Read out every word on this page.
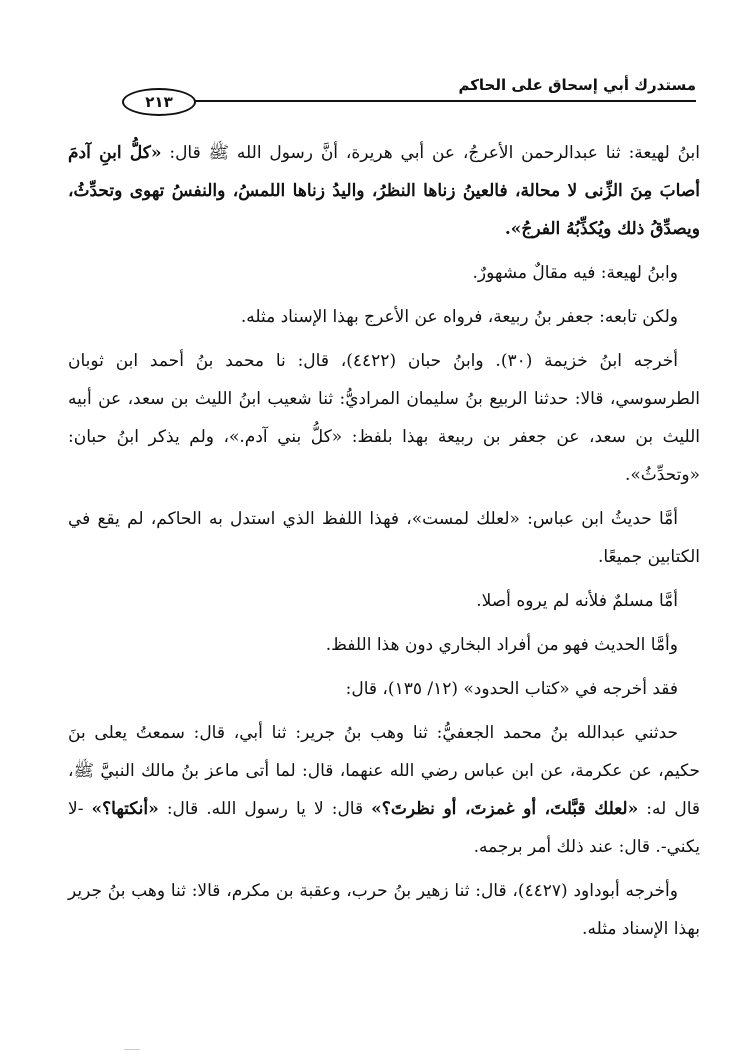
مستدرك أبي إسحاق على الحاكم
٢١٣

ابنُ لهيعة: ثنا عبدالرحمن الأعرجُ، عن أبي هريرة، أنَّ رسول الله ﷺ قال: «كلُّ ابنِ آدمَ أصابَ مِنَ الزِّنى لا محالة، فالعينُ زناها النظرُ، واليدُ زناها اللمسُ، والنفسُ تهوى وتحدِّثُ، ويصدِّقُ ذلك ويُكذِّبُهُ الفرجُ».

وابنُ لهيعة: فيه مقالٌ مشهورٌ.

ولكن تابعه: جعفر بنُ ربيعة، فرواه عن الأعرج بهذا الإسناد مثله.

أخرجه ابنُ خزيمة (٣٠). وابنُ حبان (٤٤٢٢)، قال: نا محمد بنُ أحمد ابن ثوبان الطرسوسي، قالا: حدثنا الربيع بنُ سليمان المراديُّ: ثنا شعيب ابنُ الليث بن سعد، عن أبيه الليث بن سعد، عن جعفر بن ربيعة بهذا بلفظ: «كلُّ بني آدم.»، ولم يذكر ابنُ حبان: «وتحدِّثُ».

أمَّا حديثُ ابن عباس: «لعلك لمست»، فهذا اللفظ الذي استدل به الحاكم، لم يقع في الكتابين جميعًا.

أمَّا مسلمٌ فلأنه لم يروه أصلا.

وأمَّا الحديث فهو من أفراد البخاري دون هذا اللفظ.

فقد أخرجه في «كتاب الحدود» (١٢/ ١٣٥)، قال:

حدثني عبدالله بنُ محمد الجعفيُّ: ثنا وهب بنُ جرير: ثنا أبي، قال: سمعتُ يعلى بنَ حكيم، عن عكرمة، عن ابن عباس رضي الله عنهما، قال: لما أتى ماعز بنُ مالك النبيَّ ﷺ، قال له: «لعلك قبَّلتَ، أو غمزتَ، أو نظرتَ؟» قال: لا يا رسول الله. قال: «أنكتها؟» -لا يكني-. قال: عند ذلك أمر برجمه.

وأخرجه أبوداود (٤٤٢٧)، قال: ثنا زهير بنُ حرب، وعقبة بن مكرم، قالا: ثنا وهب بنُ جرير بهذا الإسناد مثله.
